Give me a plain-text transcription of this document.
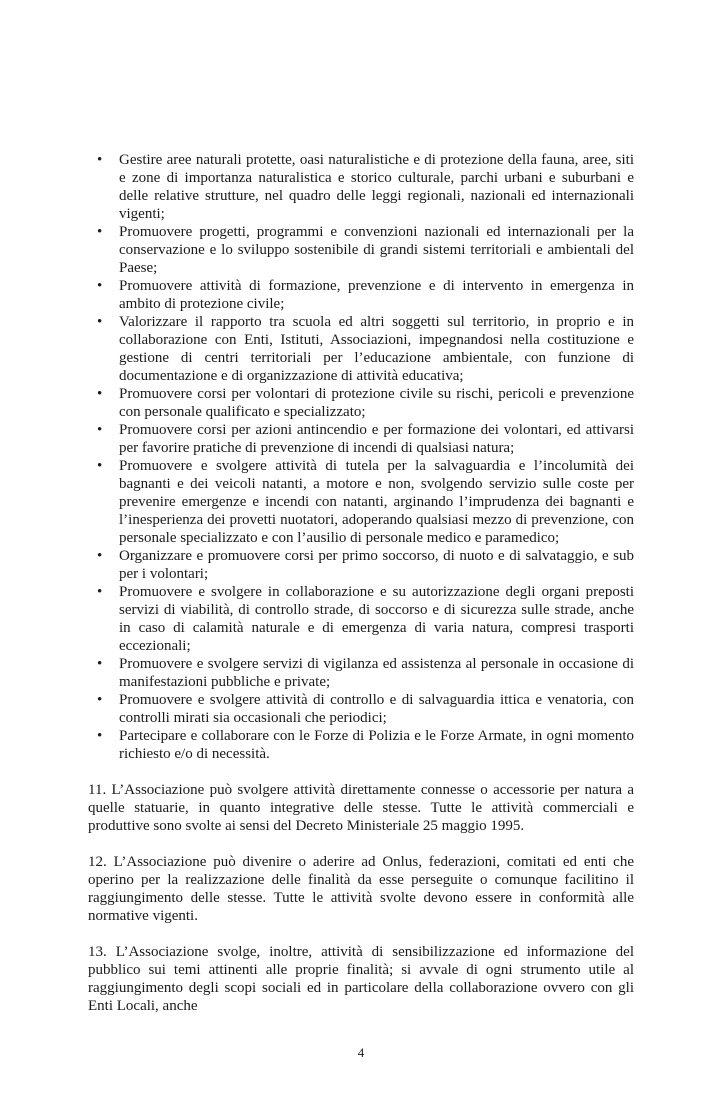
• Gestire aree naturali protette, oasi naturalistiche e di protezione della fauna, aree, siti e zone di importanza naturalistica e storico culturale, parchi urbani e suburbani e delle relative strutture, nel quadro delle leggi regionali, nazionali ed internazionali vigenti;
• Promuovere progetti, programmi e convenzioni nazionali ed internazionali per la conservazione e lo sviluppo sostenibile di grandi sistemi territoriali e ambientali del Paese;
• Promuovere attività di formazione, prevenzione e di intervento in emergenza in ambito di protezione civile;
• Valorizzare il rapporto tra scuola ed altri soggetti sul territorio, in proprio e in collaborazione con Enti, Istituti, Associazioni, impegnandosi nella costituzione e gestione di centri territoriali per l’educazione ambientale, con funzione di documentazione e di organizzazione di attività educativa;
• Promuovere corsi per volontari di protezione civile su rischi, pericoli e prevenzione con personale qualificato e specializzato;
• Promuovere corsi per azioni antincendio e per formazione dei volontari, ed attivarsi per favorire pratiche di prevenzione di incendi di qualsiasi natura;
• Promuovere e svolgere attività di tutela per la salvaguardia e l’incolumità dei bagnanti e dei veicoli natanti, a motore e non, svolgendo servizio sulle coste per prevenire emergenze e incendi con natanti, arginando l’imprudenza dei bagnanti e l’inesperienza dei provetti nuotatori, adoperando qualsiasi mezzo di prevenzione, con personale specializzato e con l’ausilio di personale medico e paramedico;
• Organizzare e promuovere corsi per primo soccorso, di nuoto e di salvataggio, e sub per i volontari;
• Promuovere e svolgere in collaborazione e su autorizzazione degli organi preposti servizi di viabilità, di controllo strade, di soccorso e di sicurezza sulle strade, anche in caso di calamità naturale e di emergenza di varia natura, compresi trasporti eccezionali;
• Promuovere e svolgere servizi di vigilanza ed assistenza al personale in occasione di manifestazioni pubbliche e private;
• Promuovere e svolgere attività di controllo e di salvaguardia ittica e venatoria, con controlli mirati sia occasionali che periodici;
• Partecipare e collaborare con le Forze di Polizia e le Forze Armate, in ogni momento richiesto e/o di necessità.

11. L’Associazione può svolgere attività direttamente connesse o accessorie per natura a quelle statuarie, in quanto integrative delle stesse. Tutte le attività commerciali e produttive sono svolte ai sensi del Decreto Ministeriale 25 maggio 1995.

12. L’Associazione può divenire o aderire ad Onlus, federazioni, comitati ed enti che operino per la realizzazione delle finalità da esse perseguite o comunque facilitino il raggiungimento delle stesse. Tutte le attività svolte devono essere in conformità alle normative vigenti.

13. L’Associazione svolge, inoltre, attività di sensibilizzazione ed informazione del pubblico sui temi attinenti alle proprie finalità; si avvale di ogni strumento utile al raggiungimento degli scopi sociali ed in particolare della collaborazione ovvero con gli Enti Locali, anche

4
